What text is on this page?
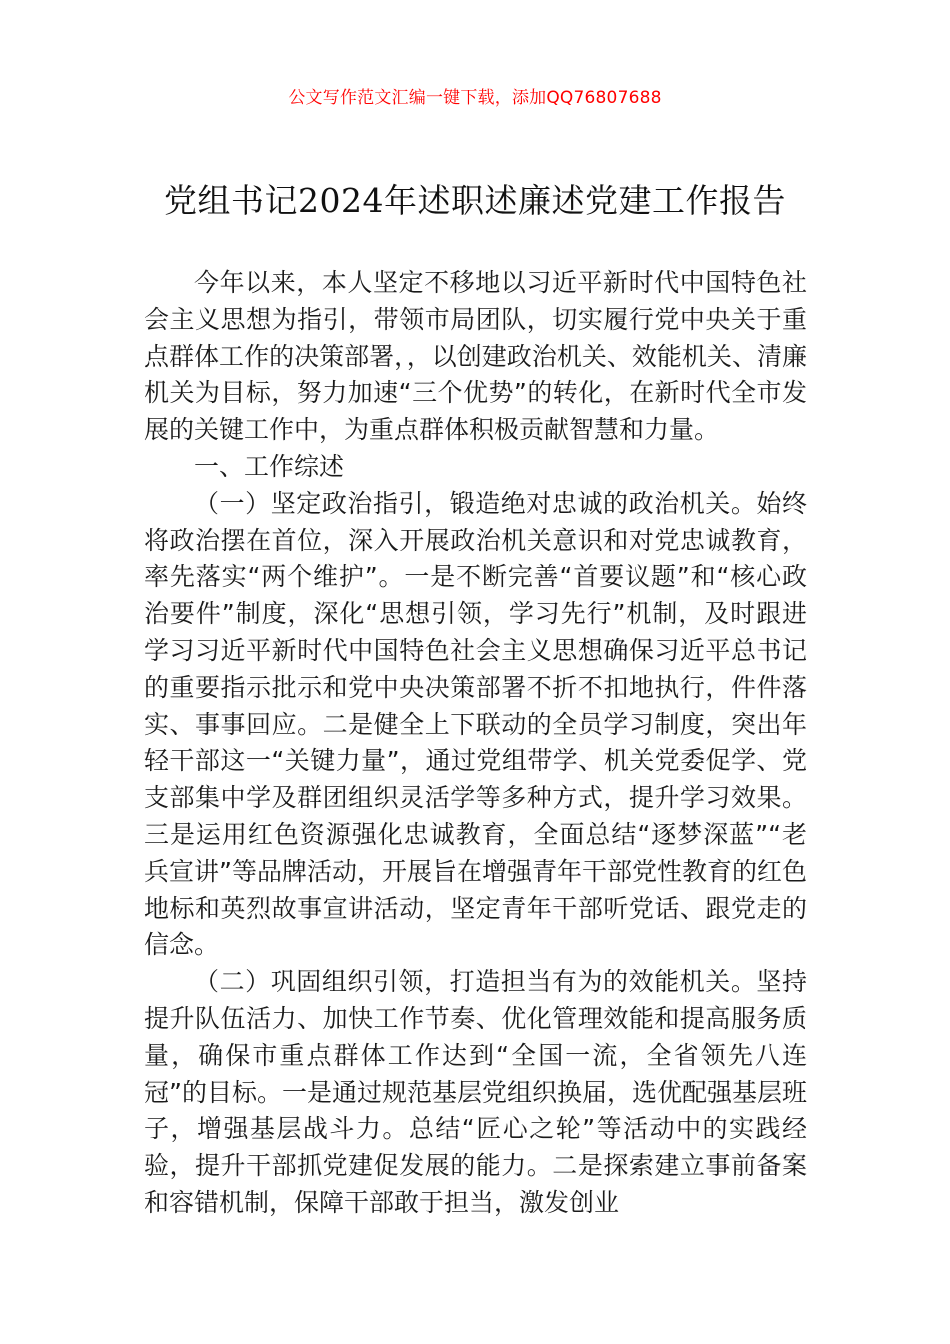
公文写作范文汇编一键下载，添加QQ76807688
党组书记2024年述职述廉述党建工作报告

今年以来，本人坚定不移地以习近平新时代中国特色社会主义思想为指引，带领市局团队，切实履行党中央关于重点群体工作的决策部署，，以创建政治机关、效能机关、清廉机关为目标，努力加速“三个优势”的转化，在新时代全市发展的关键工作中，为重点群体积极贡献智慧和力量。

一、工作综述

（一）坚定政治指引，锻造绝对忠诚的政治机关。始终将政治摆在首位，深入开展政治机关意识和对党忠诚教育，率先落实“两个维护”。一是不断完善“首要议题”和“核心政治要件”制度，深化“思想引领，学习先行”机制，及时跟进学习习近平新时代中国特色社会主义思想确保习近平总书记的重要指示批示和党中央决策部署不折不扣地执行，件件落实、事事回应。二是健全上下联动的全员学习制度，突出年轻干部这一“关键力量”，通过党组带学、机关党委促学、党支部集中学及群团组织灵活学等多种方式，提升学习效果。三是运用红色资源强化忠诚教育，全面总结“逐梦深蓝”“老兵宣讲”等品牌活动，开展旨在增强青年干部党性教育的红色地标和英烈故事宣讲活动，坚定青年干部听党话、跟党走的信念。

（二）巩固组织引领，打造担当有为的效能机关。坚持提升队伍活力、加快工作节奏、优化管理效能和提高服务质量，确保市重点群体工作达到“全国一流，全省领先八连冠”的目标。一是通过规范基层党组织换届，选优配强基层班子，增强基层战斗力。总结“匠心之轮”等活动中的实践经验，提升干部抓党建促发展的能力。二是探索建立事前备案和容错机制，保障干部敢于担当，激发创业
